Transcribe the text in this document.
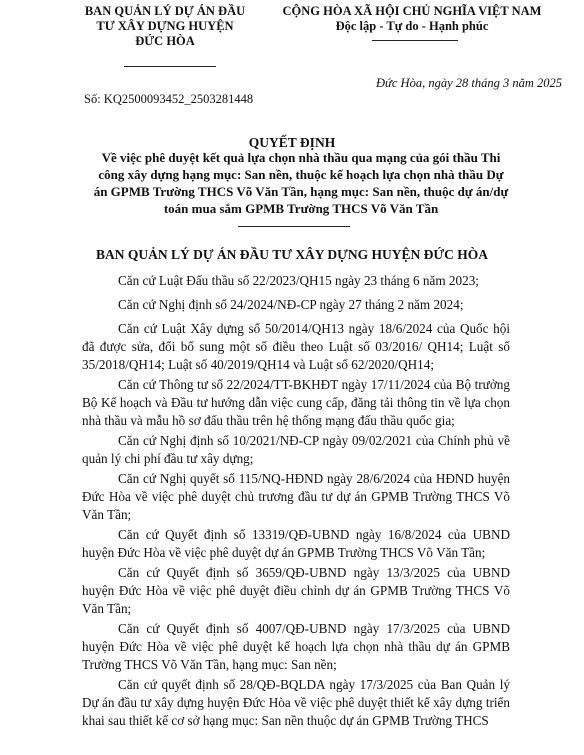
BAN QUẢN LÝ DỰ ÁN ĐẦU
TƯ XÂY DỰNG HUYỆN
ĐỨC HÒA
CỘNG HÒA XÃ HỘI CHỦ NGHĨA VIỆT NAM
Độc lập - Tự do - Hạnh phúc
Đức Hòa, ngày 28 tháng 3 năm 2025
Số: KQ2500093452_2503281448
QUYẾT ĐỊNH
Về việc phê duyệt kết quả lựa chọn nhà thầu qua mạng của gói thầu Thi công xây dựng hạng mục: San nền, thuộc kế hoạch lựa chọn nhà thầu Dự án GPMB Trường THCS Võ Văn Tần, hạng mục: San nền, thuộc dự án/dự toán mua sắm GPMB Trường THCS Võ Văn Tần
BAN QUẢN LÝ DỰ ÁN ĐẦU TƯ XÂY DỰNG HUYỆN ĐỨC HÒA

Căn cứ Luật Đấu thầu số 22/2023/QH15 ngày 23 tháng 6 năm 2023;

Căn cứ Nghị định số 24/2024/NĐ-CP ngày 27 tháng 2 năm 2024;

Căn cứ Luật Xây dựng số 50/2014/QH13 ngày 18/6/2024 của Quốc hội đã được sửa, đổi bổ sung một số điều theo Luật số 03/2016/ QH14; Luật số 35/2018/QH14; Luật số 40/2019/QH14 và Luật số 62/2020/QH14;

Căn cứ Thông tư số 22/2024/TT-BKHĐT ngày 17/11/2024 của Bộ trưởng Bộ Kế hoạch và Đầu tư hướng dẫn việc cung cấp, đăng tải thông tin về lựa chọn nhà thầu và mẫu hồ sơ đấu thầu trên hệ thống mạng đấu thầu quốc gia;

Căn cứ Nghị định số 10/2021/NĐ-CP ngày 09/02/2021 của Chính phủ về quản lý chi phí đầu tư xây dựng;

Căn cứ Nghị quyết số 115/NQ-HĐND ngày 28/6/2024 của HĐND huyện Đức Hòa về việc phê duyệt chủ trương đầu tư dự án GPMB Trường THCS Võ Văn Tần;

Căn cứ Quyết định số 13319/QĐ-UBND ngày 16/8/2024 của UBND huyện Đức Hòa về việc phê duyệt dự án GPMB Trường THCS Võ Văn Tần;

Căn cứ Quyết định số 3659/QĐ-UBND ngày 13/3/2025 của UBND huyện Đức Hòa về việc phê duyệt điều chỉnh dự án GPMB Trường THCS Võ Văn Tần;

Căn cứ Quyết định số 4007/QĐ-UBND ngày 17/3/2025 của UBND huyện Đức Hòa về việc phê duyệt kế hoạch lựa chọn nhà thầu dự án GPMB Trường THCS Võ Văn Tần, hạng mục: San nền;

Căn cứ quyết định số 28/QĐ-BQLDA ngày 17/3/2025 của Ban Quản lý Dự án đầu tư xây dựng huyện Đức Hòa về việc phê duyệt thiết kế xây dựng triển khai sau thiết kế cơ sở hạng mục: San nền thuộc dự án GPMB Trường THCS
